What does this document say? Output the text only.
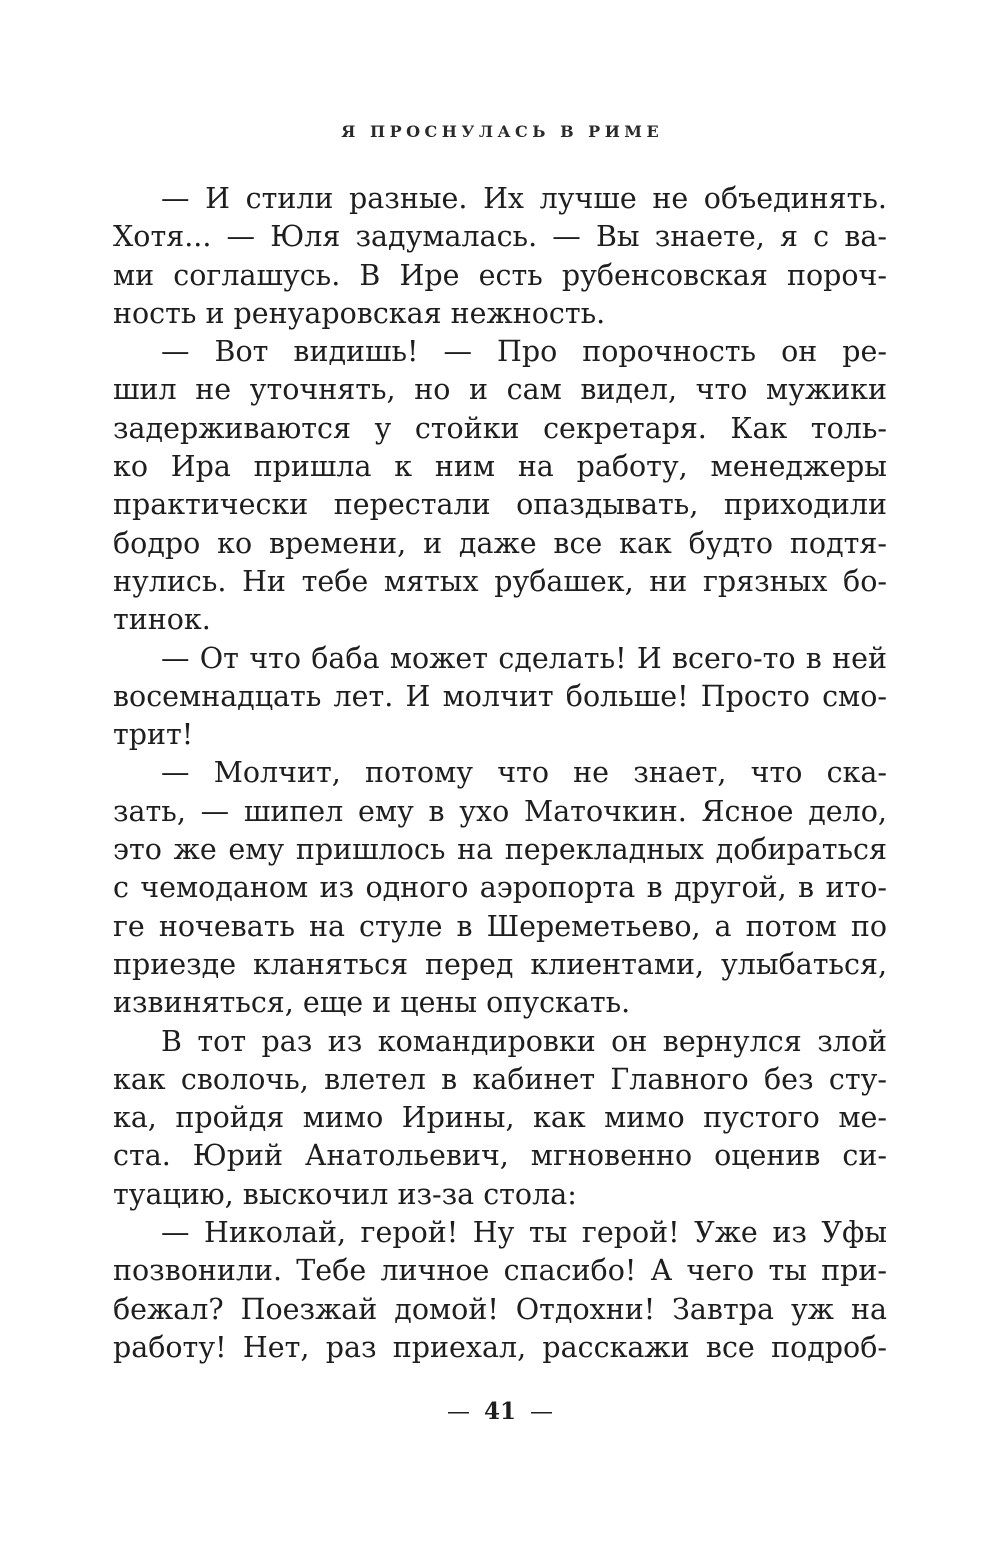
Я ПРОСНУЛАСЬ В РИМЕ
— И стили разные. Их лучше не объединять.
Хотя... — Юля задумалась. — Вы знаете, я с ва-
ми соглашусь. В Ире есть рубенсовская пороч-
ность и ренуаровская нежность.
— Вот видишь! — Про порочность он ре-
шил не уточнять, но и сам видел, что мужики
задерживаются у стойки секретаря. Как толь-
ко Ира пришла к ним на работу, менеджеры
практически перестали опаздывать, приходили
бодро ко времени, и даже все как будто подтя-
нулись. Ни тебе мятых рубашек, ни грязных бо-
тинок.
— От что баба может сделать! И всего-то в ней
восемнадцать лет. И молчит больше! Просто смо-
трит!
— Молчит, потому что не знает, что ска-
зать, — шипел ему в ухо Маточкин. Ясное дело,
это же ему пришлось на перекладных добираться
с чемоданом из одного аэропорта в другой, в ито-
ге ночевать на стуле в Шереметьево, а потом по
приезде кланяться перед клиентами, улыбаться,
извиняться, еще и цены опускать.
В тот раз из командировки он вернулся злой
как сволочь, влетел в кабинет Главного без сту-
ка, пройдя мимо Ирины, как мимо пустого ме-
ста. Юрий Анатольевич, мгновенно оценив си-
туацию, выскочил из-за стола:
— Николай, герой! Ну ты герой! Уже из Уфы
позвонили. Тебе личное спасибо! А чего ты при-
бежал? Поезжай домой! Отдохни! Завтра уж на
работу! Нет, раз приехал, расскажи все подроб-
— 41 —
